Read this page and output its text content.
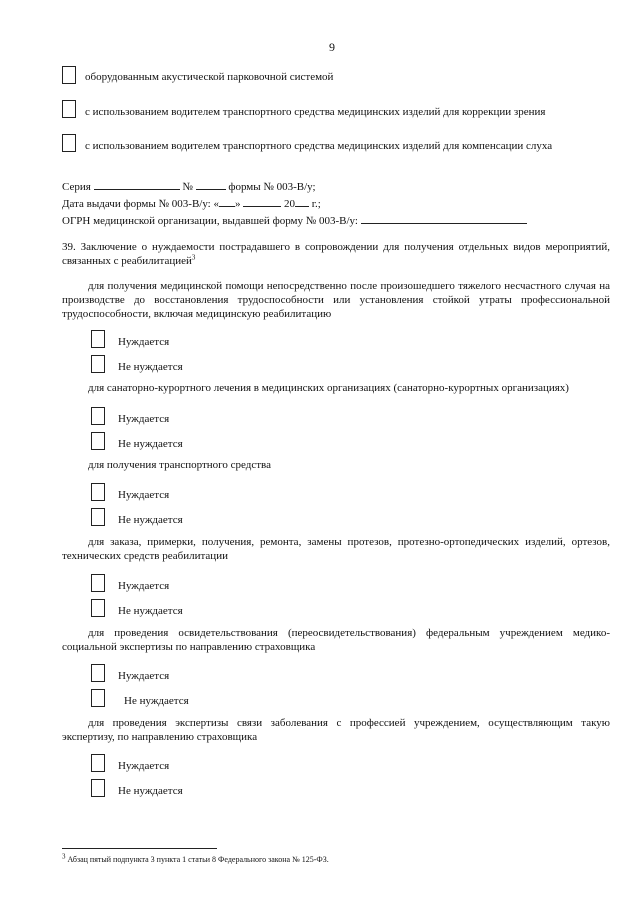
9
оборудованным акустической парковочной системой
с использованием водителем транспортного средства медицинских изделий для коррекции зрения
с использованием водителем транспортного средства медицинских изделий для компенсации слуха
Серия	№	формы № 003-В/у;
Дата выдачи формы № 003-В/у: « »	20 г.;
ОГРН медицинской организации, выдавшей форму № 003-В/у:
39. Заключение о нуждаемости пострадавшего в сопровождении для получения отдельных видов мероприятий, связанных с реабилитацией$^3$
для получения медицинской помощи непосредственно после произошедшего тяжелого несчастного случая на производстве до восстановления трудоспособности или установления стойкой утраты профессиональной трудоспособности, включая медицинскую реабилитацию
Нуждается
Не нуждается
для санаторно-курортного лечения в медицинских организациях (санаторно-курортных организациях)
Нуждается
Не нуждается
для получения транспортного средства
Нуждается
Не нуждается
для заказа, примерки, получения, ремонта, замены протезов, протезно-ортопедических изделий, ортезов, технических средств реабилитации
Нуждается
Не нуждается
для проведения освидетельствования (переосвидетельствования) федеральным учреждением медико-социальной экспертизы по направлению страховщика
Нуждается
Не нуждается
для проведения экспертизы связи заболевания с профессией учреждением, осуществляющим такую экспертизу, по направлению страховщика
Нуждается
Не нуждается
$^3$ Абзац пятый подпункта 3 пункта 1 статьи 8 Федерального закона № 125-ФЗ.
